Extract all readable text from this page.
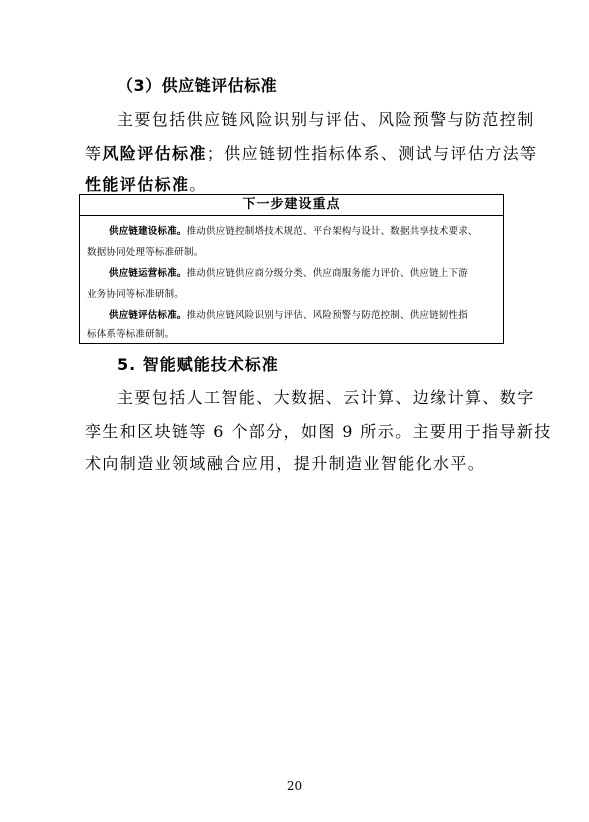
（3）供应链评估标准
主要包括供应链风险识别与评估、风险预警与防范控制
等风险评估标准；供应链韧性指标体系、测试与评估方法等
性能评估标准。
下一步建设重点
供应链建设标准。推动供应链控制塔技术规范、平台架构与设计、数据共享技术要求、
数据协同处理等标准研制。
供应链运营标准。推动供应链供应商分级分类、供应商服务能力评价、供应链上下游
业务协同等标准研制。
供应链评估标准。推动供应链风险识别与评估、风险预警与防范控制、供应链韧性指
标体系等标准研制。
5. 智能赋能技术标准
主要包括人工智能、大数据、云计算、边缘计算、数字
孪生和区块链等 6 个部分，如图 9 所示。主要用于指导新技
术向制造业领域融合应用，提升制造业智能化水平。
20
